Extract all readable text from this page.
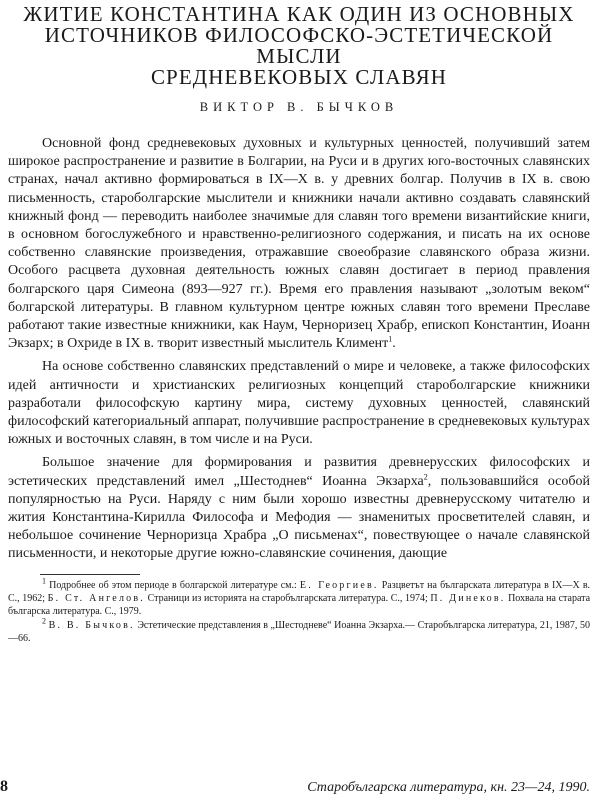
ЖИТИЕ КОНСТАНТИНА КАК ОДИН ИЗ ОСНОВНЫХ
ИСТОЧНИКОВ ФИЛОСОФСКО-ЭСТЕТИЧЕСКОЙ МЫСЛИ
СРЕДНЕВЕКОВЫХ СЛАВЯН
ВИКТОР В. БЫЧКОВ

Основной фонд средневековых духовных и культурных ценностей, получивший затем широкое распространение и развитие в Болгарии, на Руси и в других юго-восточных славянских странах, начал активно формироваться в IX—X в. у древних болгар. Получив в IX в. свою письменность, староболгарские мыслители и книжники начали активно создавать славянский книжный фонд — переводить наиболее значимые для славян того времени византийские книги, в основном богослужебного и нравственно-религиозного содержания, и писать на их основе собственно славянские произведения, отражавшие своеобразие славянского образа жизни. Особого расцвета духовная деятельность южных славян достигает в период правления болгарского царя Симеона (893—927 гг.). Время его правления называют „золотым веком“ болгарской литературы. В главном культурном центре южных славян того времени Преславе работают такие известные книжники, как Наум, Черноризец Храбр, епископ Константин, Иоанн Экзарх; в Охриде в IX в. творит известный мыслитель Климент$^1$.

На основе собственно славянских представлений о мире и человеке, а также философских идей античности и христианских религиозных концепций староболгарские книжники разработали философскую картину мира, систему духовных ценностей, славянский философский категориальный аппарат, получившие распространение в средневековых культурах южных и восточных славян, в том числе и на Руси.

Большое значение для формирования и развития древнерусских философских и эстетических представлений имел „Шестоднев“ Иоанна Экзарха$^2$, пользовавшийся особой популярностью на Руси. Наряду с ним были хорошо известны древнерусскому читателю и жития Константина-Кирилла Философа и Мефодия — знаменитых просветителей славян, и небольшое сочинение Черноризца Храбра „О письменах“, повествующее о начале славянской письменности, и некоторые другие южно-славянские сочинения, дающие

$^1$ Подробнее об этом периоде в болгарской литературе см.: Е. Георгиев. Разцветът на българската литература в IX—X в. С., 1962; Б. Ст. Ангелов. Страници из историята на старобългарската литература. С., 1974; П. Динеков. Похвала на старата българска литература. С., 1979.

$^2$ В. В. Бычков. Эстетические представления в „Шестодневе“ Иоанна Экзарха.— Старобългарска литература, 21, 1987, 50—66.

8	Старобългарска литература, кн. 23—24, 1990.
